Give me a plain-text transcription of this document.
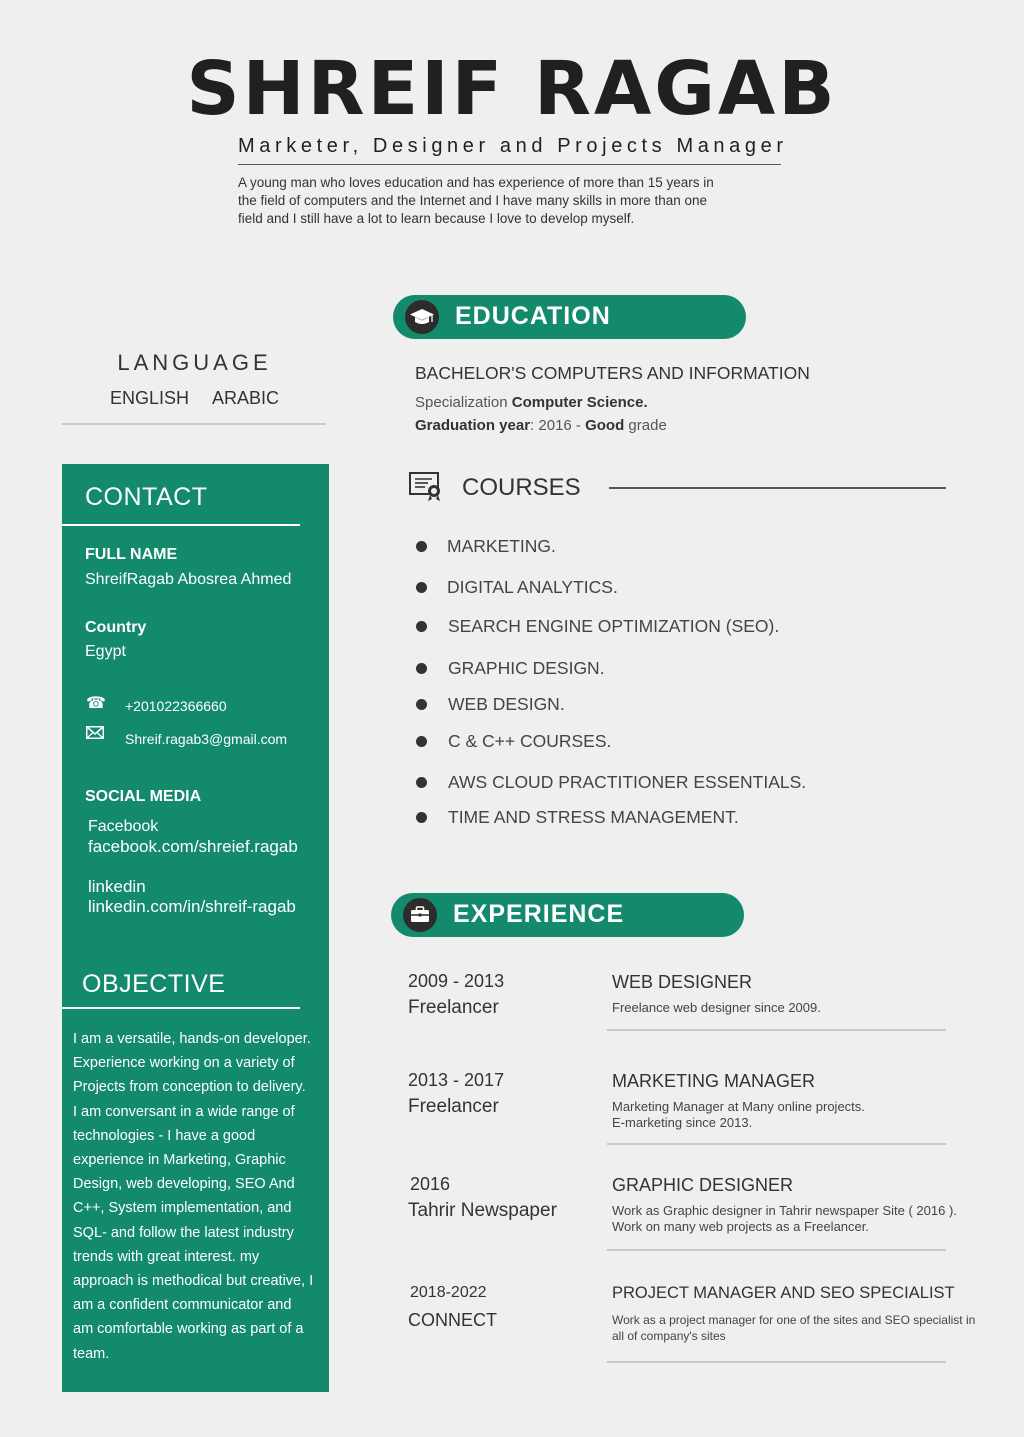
SHREIF RAGAB
Marketer, Designer and Projects Manager
A young man who loves education and has experience of more than 15 years in
the field of computers and the Internet and I have many skills in more than one
field and I still have a lot to learn because I love to develop myself.
LANGUAGE
ENGLISH ARABIC
CONTACT
FULL NAME
ShreifRagab Abosrea Ahmed
Country
Egypt
☎ +201022366660
Shreif.ragab3@gmail.com
SOCIAL MEDIA
Facebook
facebook.com/shreief.ragab
linkedin
linkedin.com/in/shreif-ragab
OBJECTIVE
I am a versatile, hands-on developer.
Experience working on a variety of
Projects from conception to delivery.
I am conversant in a wide range of
technologies - I have a good
experience in Marketing, Graphic
Design, web developing, SEO And
C++, System implementation, and
SQL- and follow the latest industry
trends with great interest. my
approach is methodical but creative, I
am a confident communicator and
am comfortable working as part of a
team.
EDUCATION
BACHELOR'S COMPUTERS AND INFORMATION
Specialization Computer Science.
Graduation year: 2016 - Good grade
COURSES
MARKETING.
DIGITAL ANALYTICS.
SEARCH ENGINE OPTIMIZATION (SEO).
GRAPHIC DESIGN.
WEB DESIGN.
C & C++ COURSES.
AWS CLOUD PRACTITIONER ESSENTIALS.
TIME AND STRESS MANAGEMENT.
EXPERIENCE
2009 - 2013
Freelancer
WEB DESIGNER
Freelance web designer since 2009.
2013 - 2017
Freelancer
MARKETING MANAGER
Marketing Manager at Many online projects.
E-marketing since 2013.
2016
Tahrir Newspaper
GRAPHIC DESIGNER
Work as Graphic designer in Tahrir newspaper Site ( 2016 ).
Work on many web projects as a Freelancer.
2018-2022
CONNECT
PROJECT MANAGER AND SEO SPECIALIST
Work as a project manager for one of the sites and SEO specialist in
all of company's sites
